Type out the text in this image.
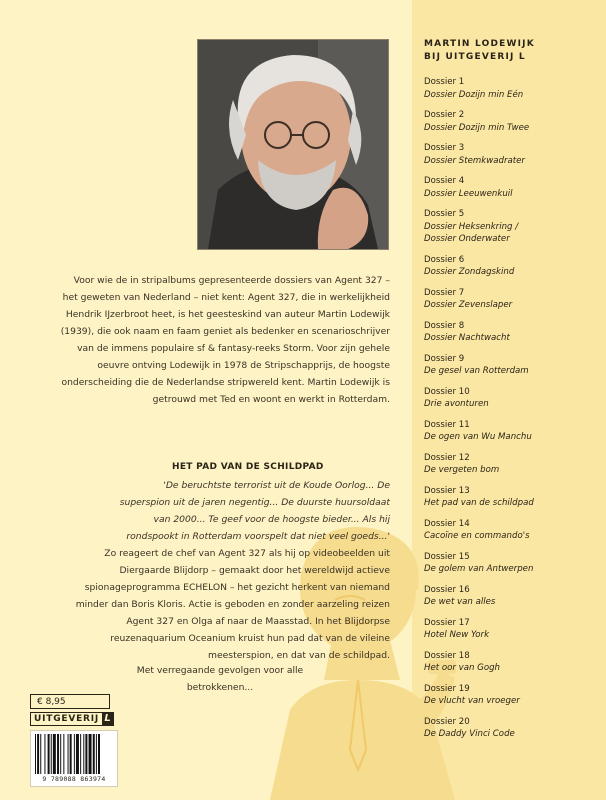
Voor wie de in stripalbums gepresenteerde dossiers van Agent 327 – het geweten van Nederland – niet kent: Agent 327, die in werkelijkheid Hendrik IJzerbroot heet, is het geesteskind van auteur Martin Lodewijk (1939), die ook naam en faam geniet als bedenker en scenarioschrijver van de immens populaire sf & fantasy-reeks Storm. Voor zijn gehele oeuvre ontving Lodewijk in 1978 de Stripschapprijs, de hoogste onderscheiding die de Nederlandse stripwereld kent. Martin Lodewijk is getrouwd met Ted en woont en werkt in Rotterdam.

HET PAD VAN DE SCHILDPAD

'De beruchtste terrorist uit de Koude Oorlog... De superspion uit de jaren negentig... De duurste huursoldaat van 2000... Te geef voor de hoogste bieder... Als hij rondspookt in Rotterdam voorspelt dat niet veel goeds...'

Zo reageert de chef van Agent 327 als hij op videobeelden uit Diergaarde Blijdorp – gemaakt door het wereldwijd actieve spionageprogramma ECHELON – het gezicht herkent van niemand minder dan Boris Kloris. Actie is geboden en zonder aarzeling reizen Agent 327 en Olga af naar de Maasstad. In het Blijdorpse reuzenaquarium Oceanium kruist hun pad dat van de vileine meesterspion, en dat van de schildpad.

Met verregaande gevolgen voor alle betrokkenen...

€ 8,95
UITGEVERIJ L
9 789088 863974
MARTIN LODEWIJK
BIJ UITGEVERIJ L
Dossier 1
Dossier Dozijn min Eén
Dossier 2
Dossier Dozijn min Twee
Dossier 3
Dossier Stemkwadrater
Dossier 4
Dossier Leeuwenkuil
Dossier 5
Dossier Heksenkring /
Dossier Onderwater
Dossier 6
Dossier Zondagskind
Dossier 7
Dossier Zevenslaper
Dossier 8
Dossier Nachtwacht
Dossier 9
De gesel van Rotterdam
Dossier 10
Drie avonturen
Dossier 11
De ogen van Wu Manchu
Dossier 12
De vergeten bom
Dossier 13
Het pad van de schildpad
Dossier 14
Cacoïne en commando's
Dossier 15
De golem van Antwerpen
Dossier 16
De wet van alles
Dossier 17
Hotel New York
Dossier 18
Het oor van Gogh
Dossier 19
De vlucht van vroeger
Dossier 20
De Daddy Vinci Code
